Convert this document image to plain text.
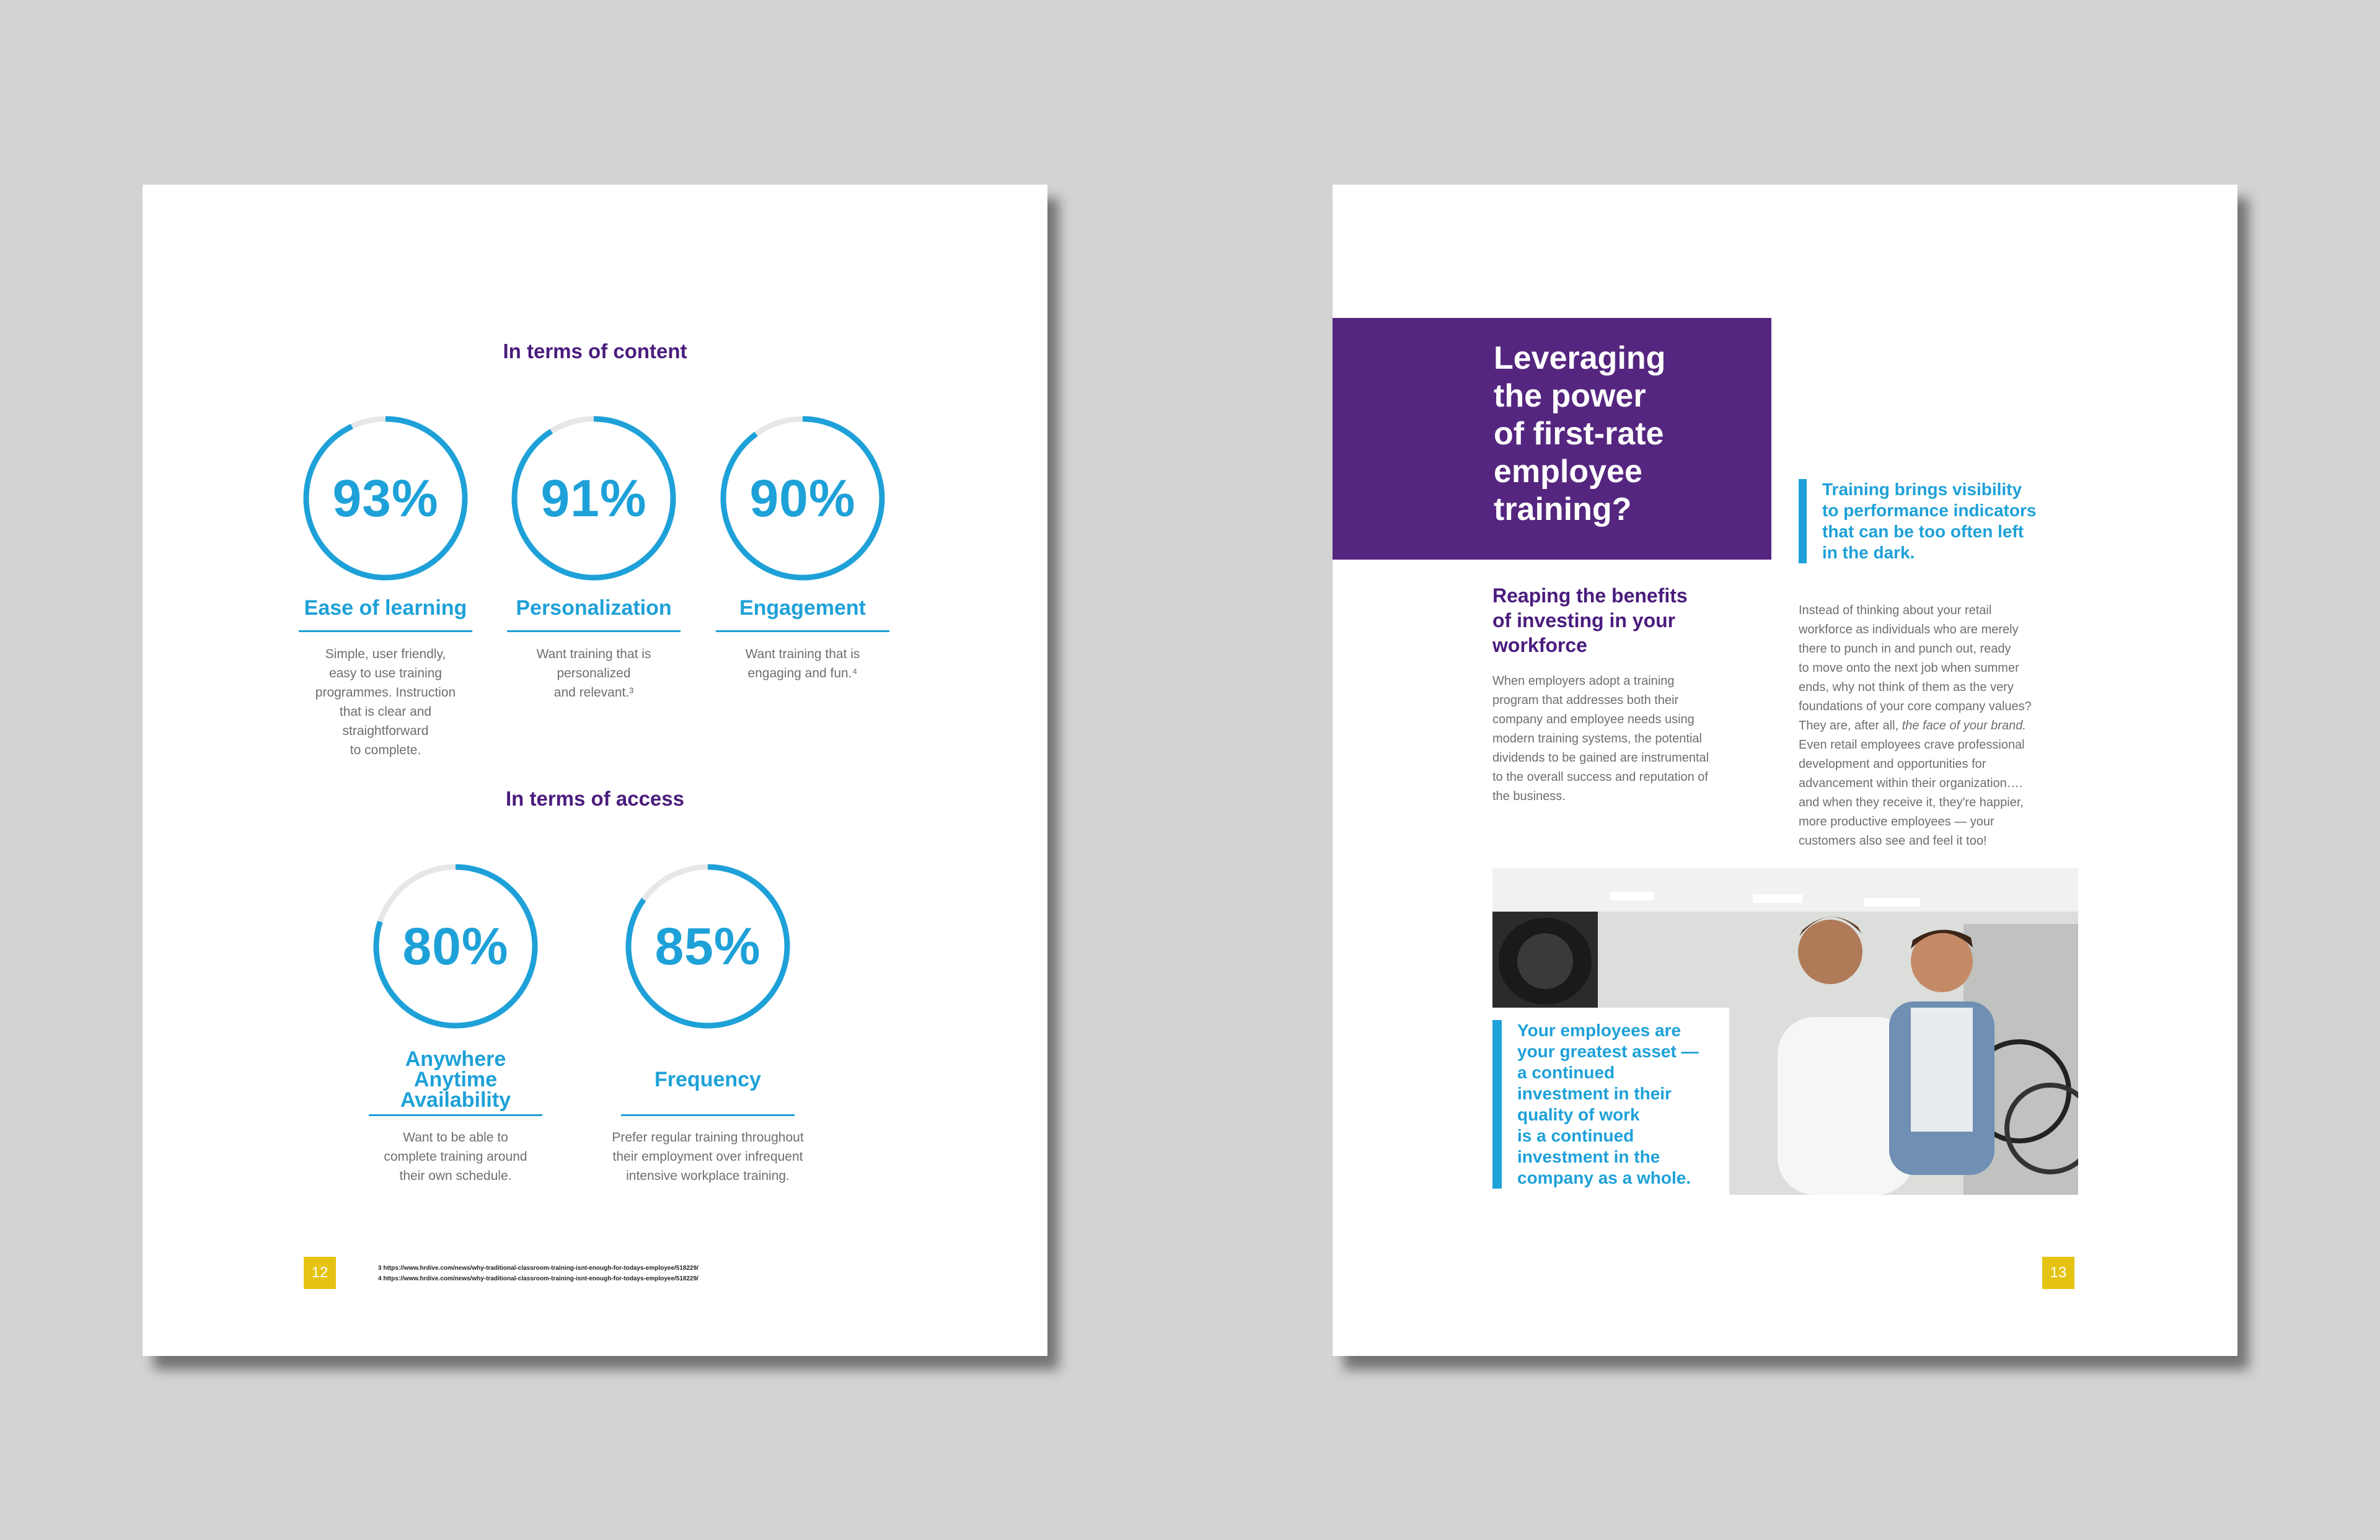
In terms of content
93%
Ease of learning
Simple, user friendly,
easy to use training
programmes. Instruction
that is clear and
straightforward
to complete.
91%
Personalization
Want training that is
personalized
and relevant.³
90%
Engagement
Want training that is
engaging and fun.⁴
In terms of access
80%
Anywhere
Anytime
Availability
Want to be able to
complete training around
their own schedule.
85%
Frequency
Prefer regular training throughout
their employment over infrequent
intensive workplace training.
12	3 https://www.hrdive.com/news/why-traditional-classroom-training-isnt-enough-for-todays-employee/518229/
4 https://www.hrdive.com/news/why-traditional-classroom-training-isnt-enough-for-todays-employee/518229/
Leveraging
the power
of first-rate
employee
training?
Training brings visibility
to performance indicators
that can be too often left
in the dark.
Reaping the benefits
of investing in your
workforce
When employers adopt a training
program that addresses both their
company and employee needs using
modern training systems, the potential
dividends to be gained are instrumental
to the overall success and reputation of
the business.
Instead of thinking about your retail
workforce as individuals who are merely
there to punch in and punch out, ready
to move onto the next job when summer
ends, why not think of them as the very
foundations of your core company values?
They are, after all, the face of your brand.
Even retail employees crave professional
development and opportunities for
advancement within their organization….
and when they receive it, they're happier,
more productive employees — your
customers also see and feel it too!
Your employees are
your greatest asset —
a continued
investment in their
quality of work
is a continued
investment in the
company as a whole.
13
